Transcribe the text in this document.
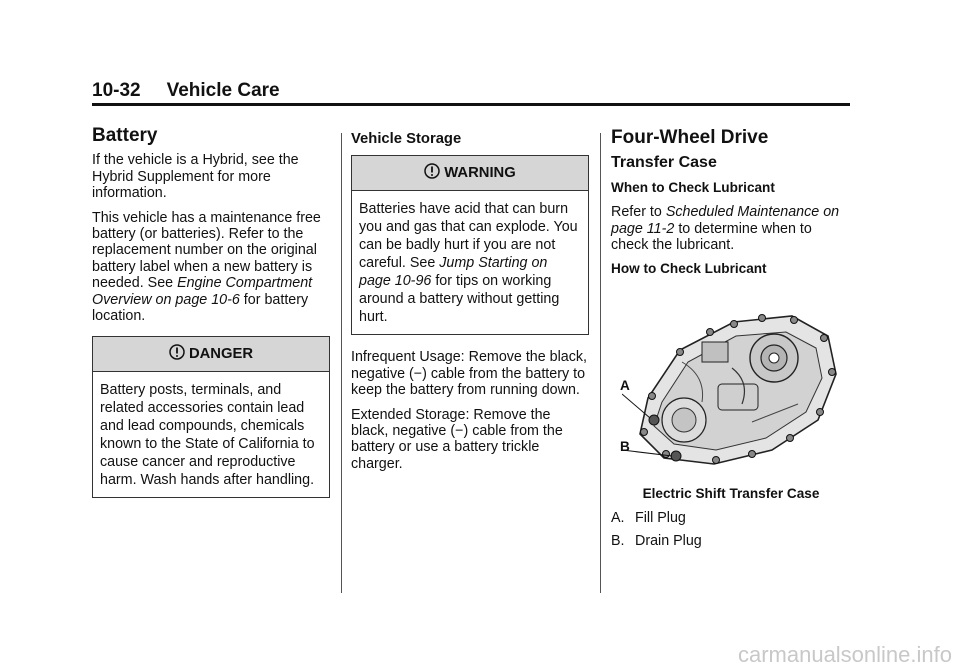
10-32 Vehicle Care
Battery

If the vehicle is a Hybrid, see the Hybrid Supplement for more information.

This vehicle has a maintenance free battery (or batteries). Refer to the replacement number on the original battery label when a new battery is needed. See Engine Compartment Overview on page 10-6 for battery location.

DANGER
Battery posts, terminals, and related accessories contain lead and lead compounds, chemicals known to the State of California to cause cancer and reproductive harm. Wash hands after handling.
Vehicle Storage
WARNING
Batteries have acid that can burn you and gas that can explode. You can be badly hurt if you are not careful. See Jump Starting on page 10-96 for tips on working around a battery without getting hurt.

Infrequent Usage: Remove the black, negative (−) cable from the battery to keep the battery from running down.

Extended Storage: Remove the black, negative (−) cable from the battery or use a battery trickle charger.

Four-Wheel Drive
Transfer Case

When to Check Lubricant

Refer to Scheduled Maintenance on page 11-2 to determine when to check the lubricant.

How to Check Lubricant

A
B
Electric Shift Transfer Case
A. Fill Plug
B. Drain Plug
carmanualsonline.info
